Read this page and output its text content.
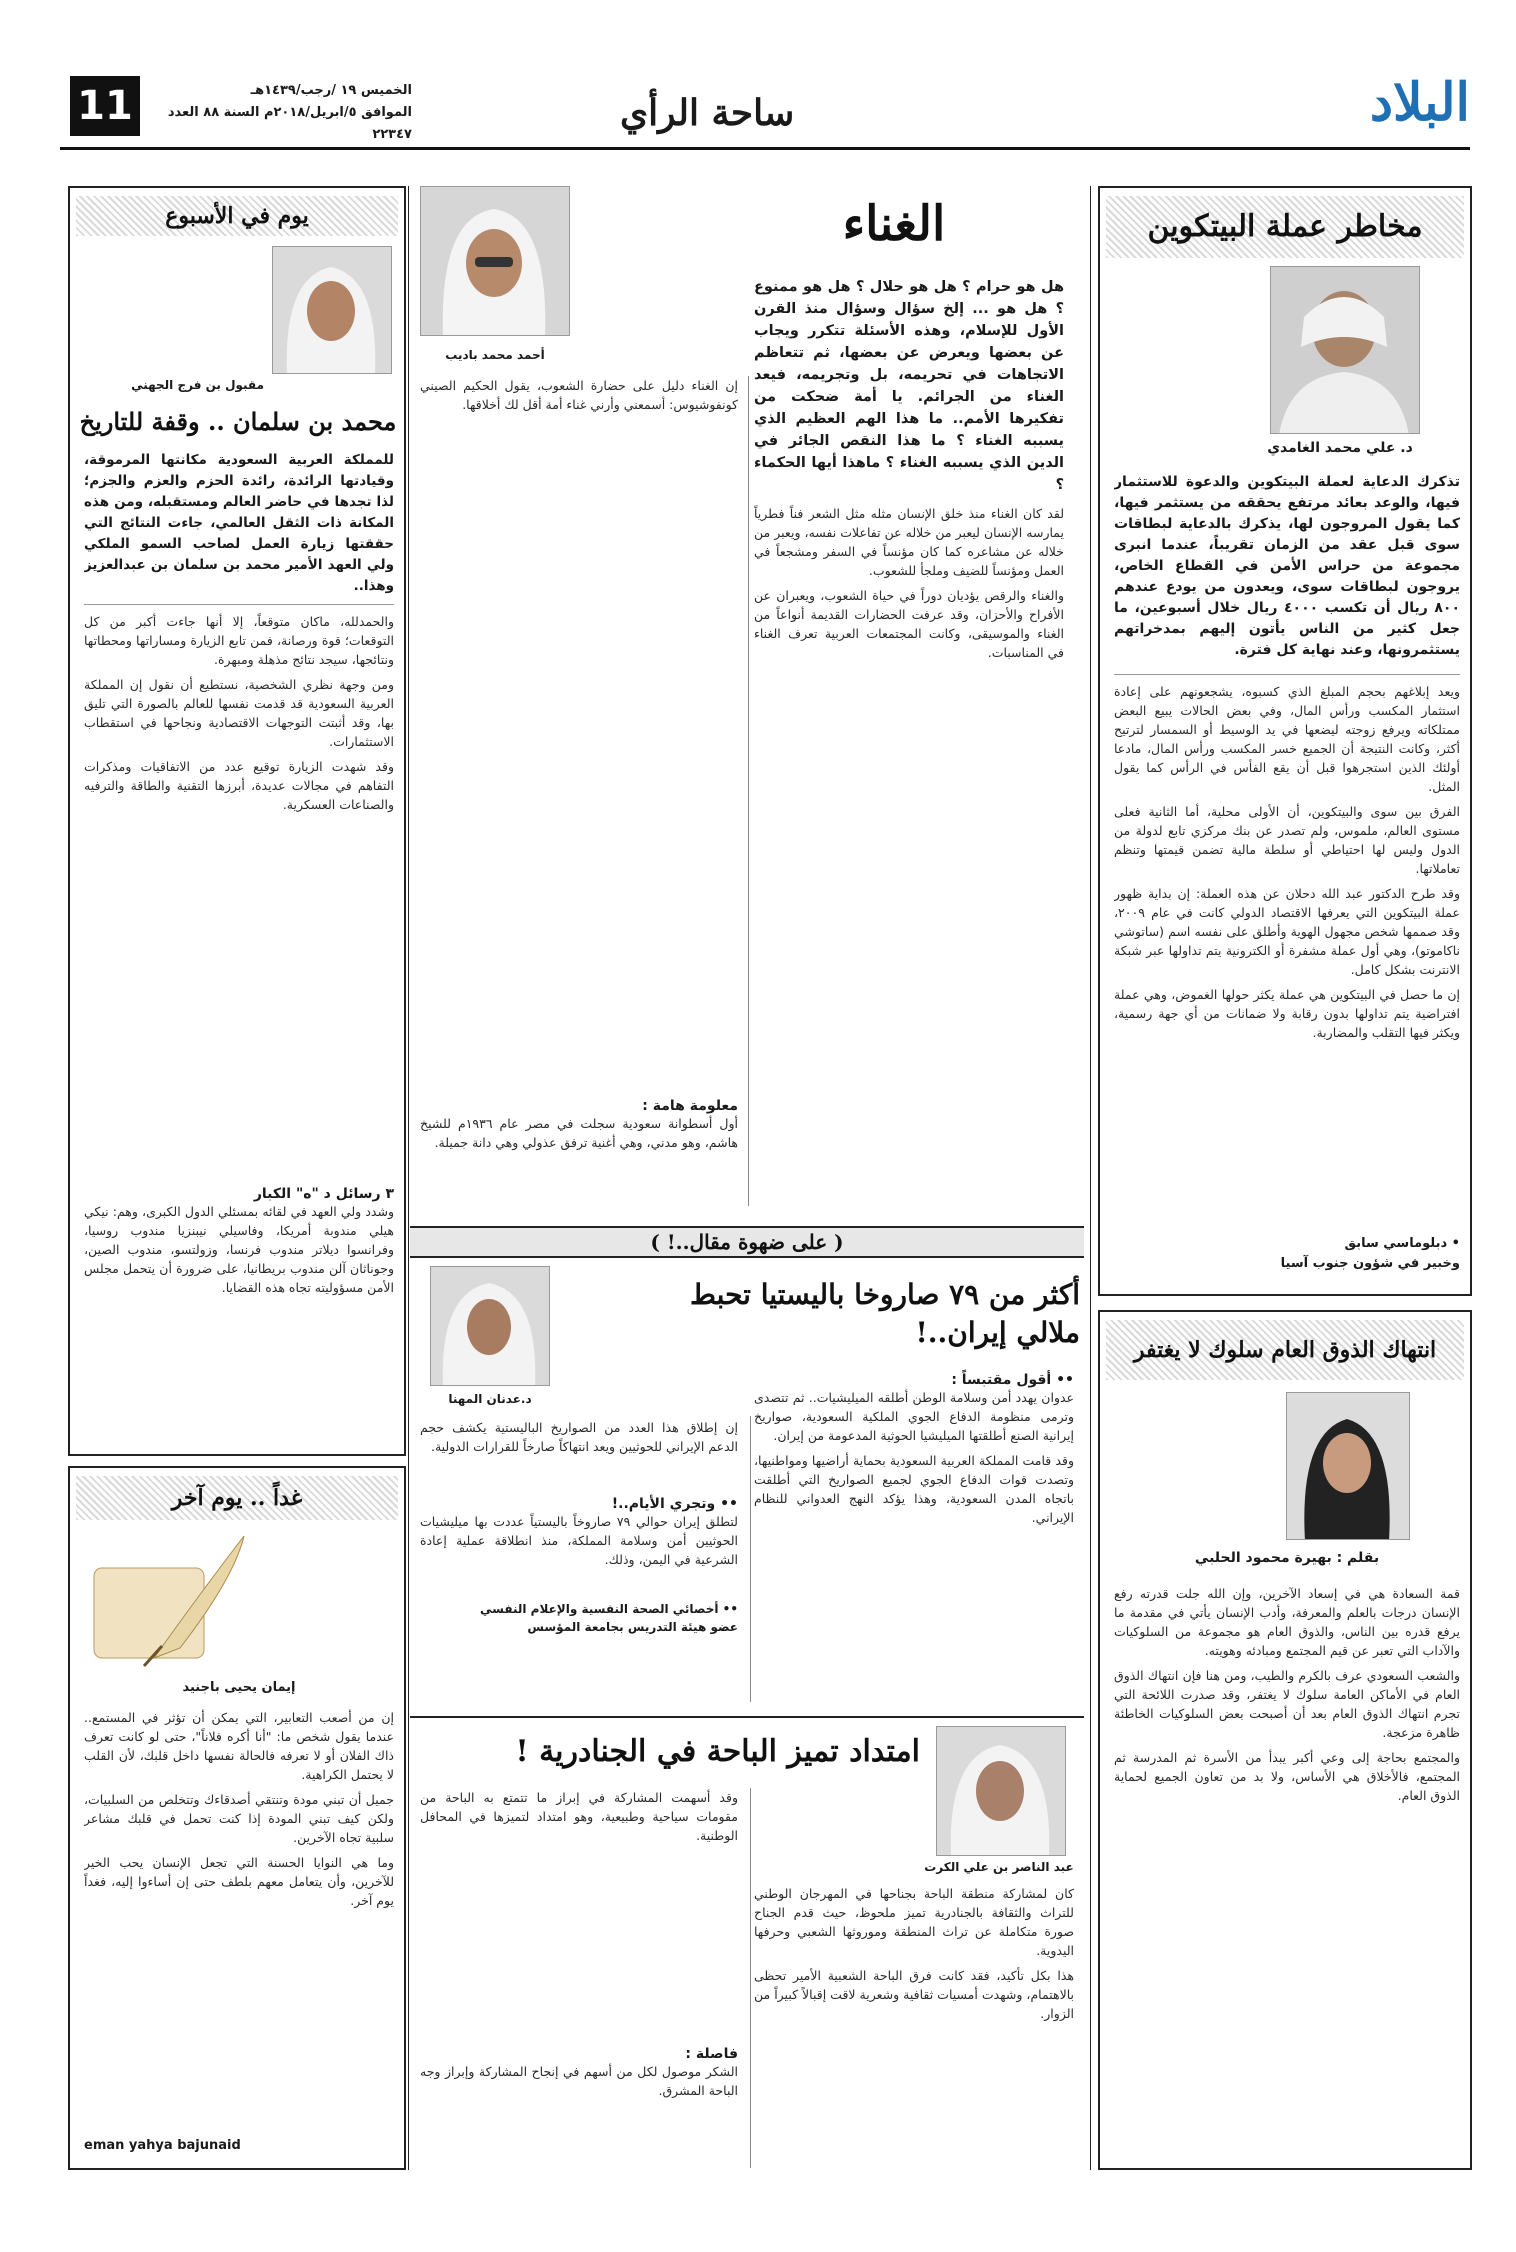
البلاد
ساحة الرأي
11	الخميس ١٩ /رجب/١٤٣٩هـ
الموافق ٥/ابريل/٢٠١٨م السنة ٨٨ العدد ٢٢٣٤٧
مخاطر عملة البيتكوين
د. علي محمد الغامدي
تذكرك الدعاية لعملة البيتكوين والدعوة للاستثمار فيها، والوعد بعائد مرتفع يحققه من يستثمر فيها، كما يقول المروجون لها، يذكرك بالدعاية لبطاقات سوى قبل عقد من الزمان تقريباً، عندما انبرى مجموعة من حراس الأمن في القطاع الخاص، يروجون لبطاقات سوى، ويعدون من يودع عندهم ٨٠٠ ريال أن تكسب ٤٠٠٠ ريال خلال أسبوعين، ما جعل كثير من الناس يأتون إليهم بمدخراتهم يستثمرونها، وعند نهاية كل فترة.

ويعد إبلاغهم بحجم المبلغ الذي كسبوه، يشجعونهم على إعادة استثمار المكسب ورأس المال، وفي بعض الحالات يبيع البعض ممتلكاته ويرفع زوجته ليضعها في يد الوسيط أو السمسار لترتيح أكثر، وكانت النتيجة أن الجميع خسر المكسب ورأس المال، مادعا أولئك الذين استجرهوا قبل أن يقع الفأس في الرأس كما يقول المثل.

الفرق بين سوى والبيتكوين، أن الأولى محلية، أما الثانية فعلى مستوى العالم، ملموس، ولم تصدر عن بنك مركزي تابع لدولة من الدول وليس لها احتياطي أو سلطة مالية تضمن قيمتها وتنظم تعاملاتها.

وقد طرح الدكتور عبد الله دحلان عن هذه العملة: إن بداية ظهور عملة البيتكوين التي يعرفها الاقتصاد الدولي كانت في عام ٢٠٠٩، وقد صممها شخص مجهول الهوية وأطلق على نفسه اسم (ساتوشي ناكاموتو)، وهي أول عملة مشفرة أو الكترونية يتم تداولها عبر شبكة الانترنت بشكل كامل.

إن ما حصل في البيتكوين هي عملة يكثر حولها الغموض، وهي عملة افتراضية يتم تداولها بدون رقابة ولا ضمانات من أي جهة رسمية، ويكثر فيها التقلب والمضاربة.

• دبلوماسي سابق
وخبير في شؤون جنوب آسيا
انتهاك الذوق العام سلوك لا يغتفر
بقلم : بهيرة محمود الحلبي

قمة السعادة هي في إسعاد الآخرين، وإن الله جلت قدرته رفع الإنسان درجات بالعلم والمعرفة، وأدب الإنسان يأتي في مقدمة ما يرفع قدره بين الناس، والذوق العام هو مجموعة من السلوكيات والآداب التي تعبر عن قيم المجتمع ومبادئه وهويته.

والشعب السعودي عرف بالكرم والطيب، ومن هنا فإن انتهاك الذوق العام في الأماكن العامة سلوك لا يغتفر، وقد صدرت اللائحة التي تجرم انتهاك الذوق العام بعد أن أصبحت بعض السلوكيات الخاطئة ظاهرة مزعجة.

والمجتمع بحاجة إلى وعي أكبر يبدأ من الأسرة ثم المدرسة ثم المجتمع، فالأخلاق هي الأساس، ولا بد من تعاون الجميع لحماية الذوق العام.

الغناء
أحمد محمد باديب
هل هو حرام ؟ هل هو حلال ؟ هل هو ممنوع ؟ هل هو ... إلخ سؤال وسؤال منذ القرن الأول للإسلام، وهذه الأسئلة تتكرر ويجاب عن بعضها ويعرض عن بعضها، ثم تتعاظم الاتجاهات في تحريمه، بل وتجريمه، فيعد الغناء من الجرائم. يا أمة ضحكت من تفكيرها الأمم.. ما هذا الهم العظيم الذي يسببه الغناء ؟ ما هذا النقص الجائر في الدين الذي يسببه الغناء ؟ ماهذا أيها الحكماء ؟

لقد كان الغناء منذ خلق الإنسان مثله مثل الشعر فناً فطرياً يمارسه الإنسان ليعبر من خلاله عن تفاعلات نفسه، ويعبر من خلاله عن مشاعره كما كان مؤنساً في السفر ومشجعاً في العمل ومؤنساً للضيف وملجأ للشعوب.

والغناء والرقص يؤديان دوراً في حياة الشعوب، ويعبران عن الأفراح والأحزان، وقد عرفت الحضارات القديمة أنواعاً من الغناء والموسيقى، وكانت المجتمعات العربية تعرف الغناء في المناسبات.

إن الغناء دليل على حضارة الشعوب، يقول الحكيم الصيني كونفوشيوس: أسمعني وأرني غناء أمة أقل لك أخلاقها.

معلومة هامة :
أول أسطوانة سعودية سجلت في مصر عام ١٩٣٦م للشيخ هاشم، وهو مدني، وهي أغنية ترفق عذولي وهي دانة جميلة.
يوم في الأسبوع
مقبول بن فرج الجهني
محمد بن سلمان .. وقفة للتاريخ
للمملكة العربية السعودية مكانتها المرموقة، وقيادتها الرائدة، رائدة الحزم والعزم والجزم؛ لذا تجدها في حاضر العالم ومستقبله، ومن هذه المكانة ذات الثقل العالمي، جاءت النتائج التي حققتها زيارة العمل لصاحب السمو الملكي ولي العهد الأمير محمد بن سلمان بن عبدالعزيز وهذا..

والحمدلله، ماكان متوقعاً، إلا أنها جاءت أكبر من كل التوقعات؛ قوة ورصانة، فمن تابع الزيارة ومساراتها ومحطاتها ونتائجها، سيجد نتائج مذهلة ومبهرة.

ومن وجهة نظري الشخصية، نستطيع أن نقول إن المملكة العربية السعودية قد قدمت نفسها للعالم بالصورة التي تليق بها، وقد أثبتت التوجهات الاقتصادية ونجاحها في استقطاب الاستثمارات.

وقد شهدت الزيارة توقيع عدد من الاتفاقيات ومذكرات التفاهم في مجالات عديدة، أبرزها التقنية والطاقة والترفيه والصناعات العسكرية.

٣ رسائل د "ه" الكبار
وشدد ولي العهد في لقائه بمسئلي الدول الكبرى، وهم: نيكي هيلي مندوبة أمريكا، وفاسيلي نيبنزيا مندوب روسيا، وفرانسوا ديلاتر مندوب فرنسا، وزولتسو، مندوب الصين، وجوناثان آلن مندوب بريطانيا، على ضرورة أن يتحمل مجلس الأمن مسؤوليته تجاه هذه القضايا.
غداً .. يوم آخر
إيمان يحيى باجنيد

إن من أصعب التعابير، التي يمكن أن تؤثر في المستمع.. عندما يقول شخص ما: "أنا أكره فلاناً"، حتى لو كانت تعرف ذاك الفلان أو لا تعرفه فالحالة نفسها داخل قلبك، لأن القلب لا يحتمل الكراهية.

جميل أن تبني مودة وتنتقي أصدقاءك وتتخلص من السلبيات، ولكن كيف تبني المودة إذا كنت تحمل في قلبك مشاعر سلبية تجاه الآخرين.

وما هي النوايا الحسنة التي تجعل الإنسان يحب الخير للآخرين، وأن يتعامل معهم بلطف حتى إن أساءوا إليه، فغداً يوم آخر.

eman yahya bajunaid
( على ضهوة مقال..! )
أكثر من ٧٩ صاروخا باليستيا تحبط ملالي إيران..!
د.عدنان المهنا
•• أقول مقتبساً :

عدوان يهدد أمن وسلامة الوطن أطلقه الميليشيات.. ثم تتصدى وترمى منظومة الدفاع الجوي الملكية السعودية، صواريخ إيرانية الصنع أطلقتها الميليشيا الحوثية المدعومة من إيران.

وقد قامت المملكة العربية السعودية بحماية أراضيها ومواطنيها، وتصدت قوات الدفاع الجوي لجميع الصواريخ التي أطلقت باتجاه المدن السعودية، وهذا يؤكد النهج العدواني للنظام الإيراني.

إن إطلاق هذا العدد من الصواريخ الباليستية يكشف حجم الدعم الإيراني للحوثيين ويعد انتهاكاً صارخاً للقرارات الدولية.
•• وتجري الأيام..!
لتطلق إيران حوالي ٧٩ صاروخاً باليستياً عددت بها ميليشيات الحوثيين أمن وسلامة المملكة، منذ انطلاقة عملية إعادة الشرعية في اليمن، وذلك.
•• أخصائي الصحة النفسية والإعلام النفسي
عضو هيئة التدريس بجامعة المؤسس
امتداد تميز الباحة في الجنادرية !
عبد الناصر بن علي الكرت

كان لمشاركة منطقة الباحة بجناحها في المهرجان الوطني للتراث والثقافة بالجنادرية تميز ملحوظ، حيث قدم الجناح صورة متكاملة عن تراث المنطقة وموروثها الشعبي وحرفها اليدوية.

هذا بكل تأكيد، فقد كانت فرق الباحة الشعبية الأمير تحظى بالاهتمام، وشهدت أمسيات ثقافية وشعرية لاقت إقبالاً كبيراً من الزوار.

وقد أسهمت المشاركة في إبراز ما تتمتع به الباحة من مقومات سياحية وطبيعية، وهو امتداد لتميزها في المحافل الوطنية.
فاصلة :
الشكر موصول لكل من أسهم في إنجاح المشاركة وإبراز وجه الباحة المشرق.
